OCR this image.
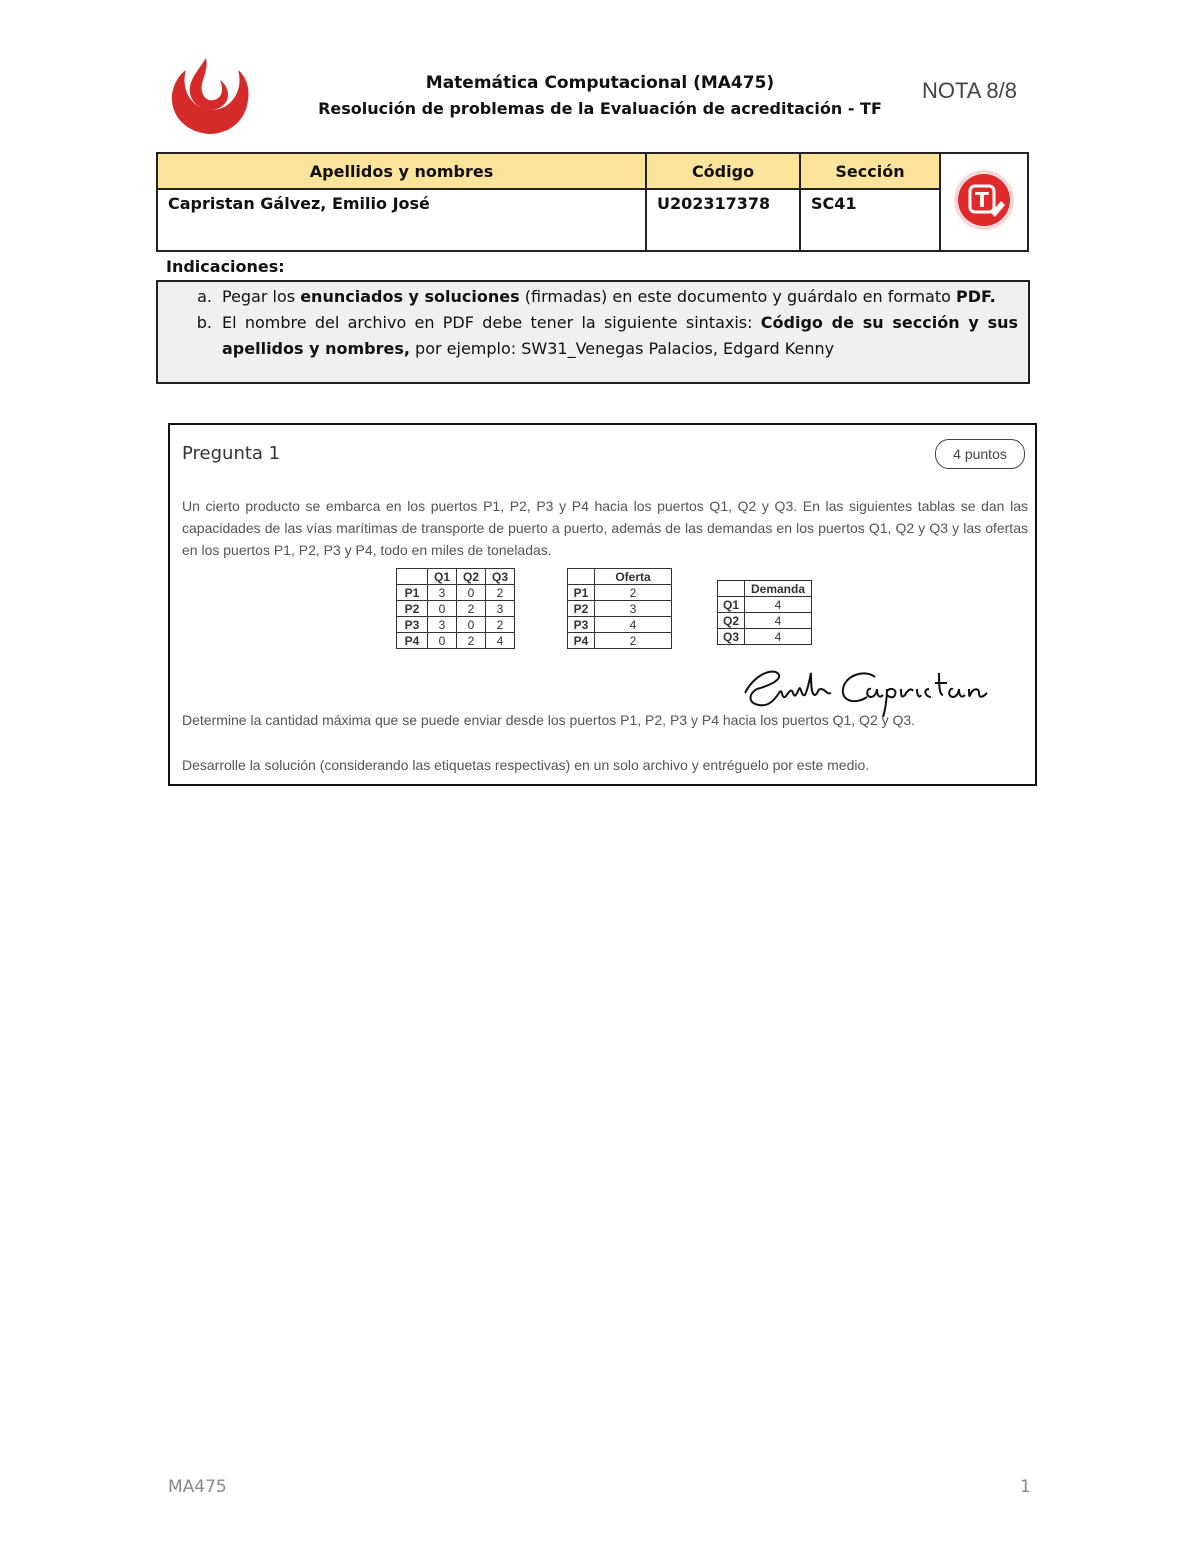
Matemática Computacional (MA475)
Resolución de problemas de la Evaluación de acreditación - TF
NOTA 8/8
Apellidos y nombres	Código	Sección	T

Capristan Gálvez, Emilio José	U202317378	SC41	
Indicaciones:
a. Pegar los enunciados y soluciones (firmadas) en este documento y guárdalo en formato PDF.
b. El nombre del archivo en PDF debe tener la siguiente sintaxis: Código de su sección y sus apellidos y nombres, por ejemplo: SW31_Venegas Palacios, Edgard Kenny
Pregunta 1	4 puntos
Un cierto producto se embarca en los puertos P1, P2, P3 y P4 hacia los puertos Q1, Q2 y Q3. En las siguientes tablas se dan las capacidades de las vías marítimas de transporte de puerto a puerto, además de las demandas en los puertos Q1, Q2 y Q3 y las ofertas en los puertos P1, P2, P3 y P4, todo en miles de toneladas.
	Q1	Q2	Q3
P1	3	0	2
P2	0	2	3
P3	3	0	2
P4	0	2	4
	Oferta
P1	2
P2	3
P3	4
P4	2
	Demanda
Q1	4
Q2	4
Q3	4
Determine la cantidad máxima que se puede enviar desde los puertos P1, P2, P3 y P4 hacia los puertos Q1, Q2 y Q3.
Desarrolle la solución (considerando las etiquetas respectivas) en un solo archivo y entréguelo por este medio.
MA475	1
